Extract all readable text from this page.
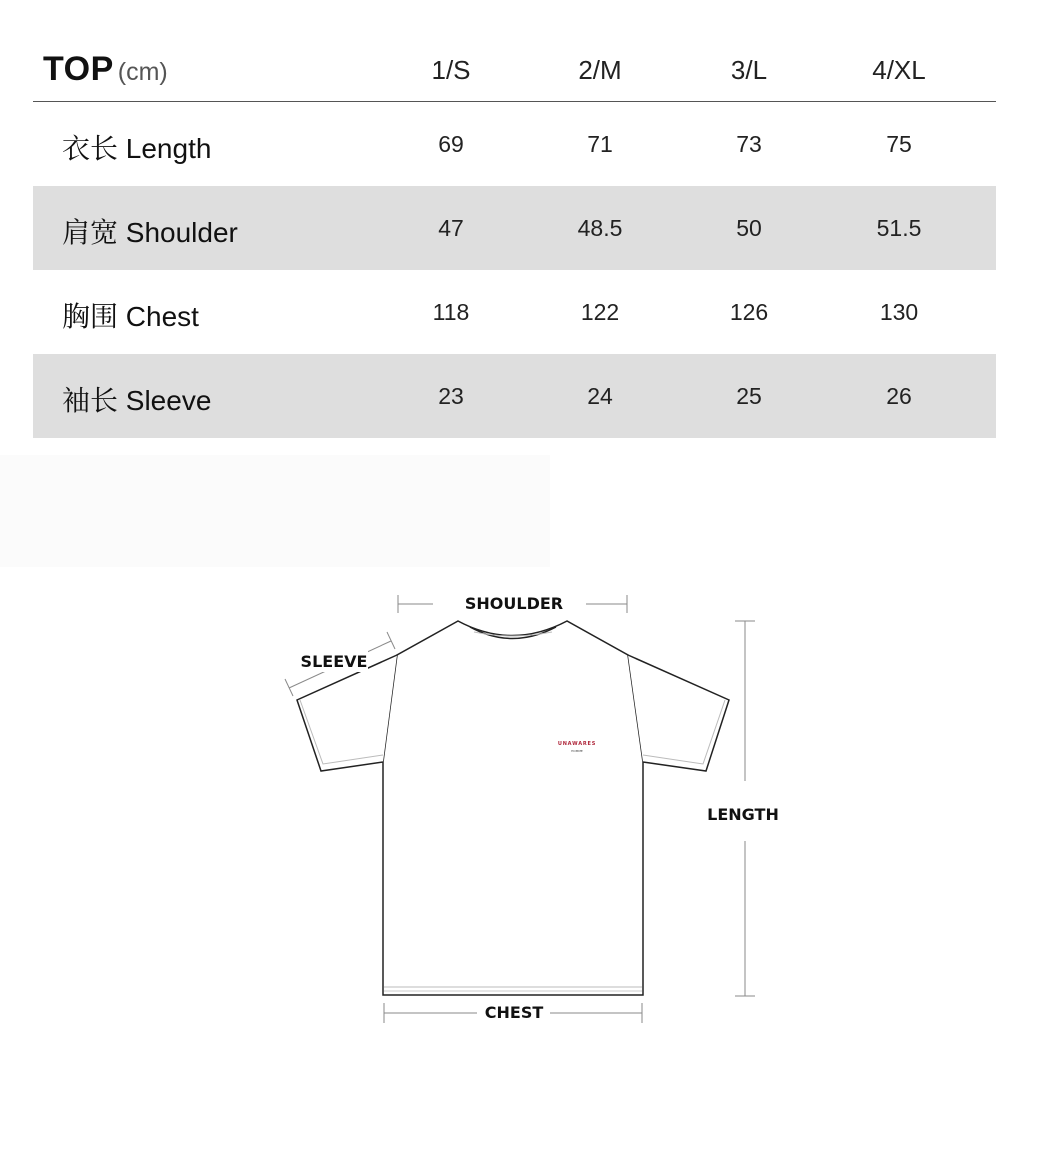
TOP (cm)	1/S	2/M	3/L	4/XL
衣长 Length	69	71	73	75
肩宽 Shoulder	47	48.5	50	51.5
胸围 Chest	118	122	126	130
袖长 Sleeve	23	24	25	26
UNAWARES
HOMME
SHOULDER
SLEEVE
LENGTH
CHEST
